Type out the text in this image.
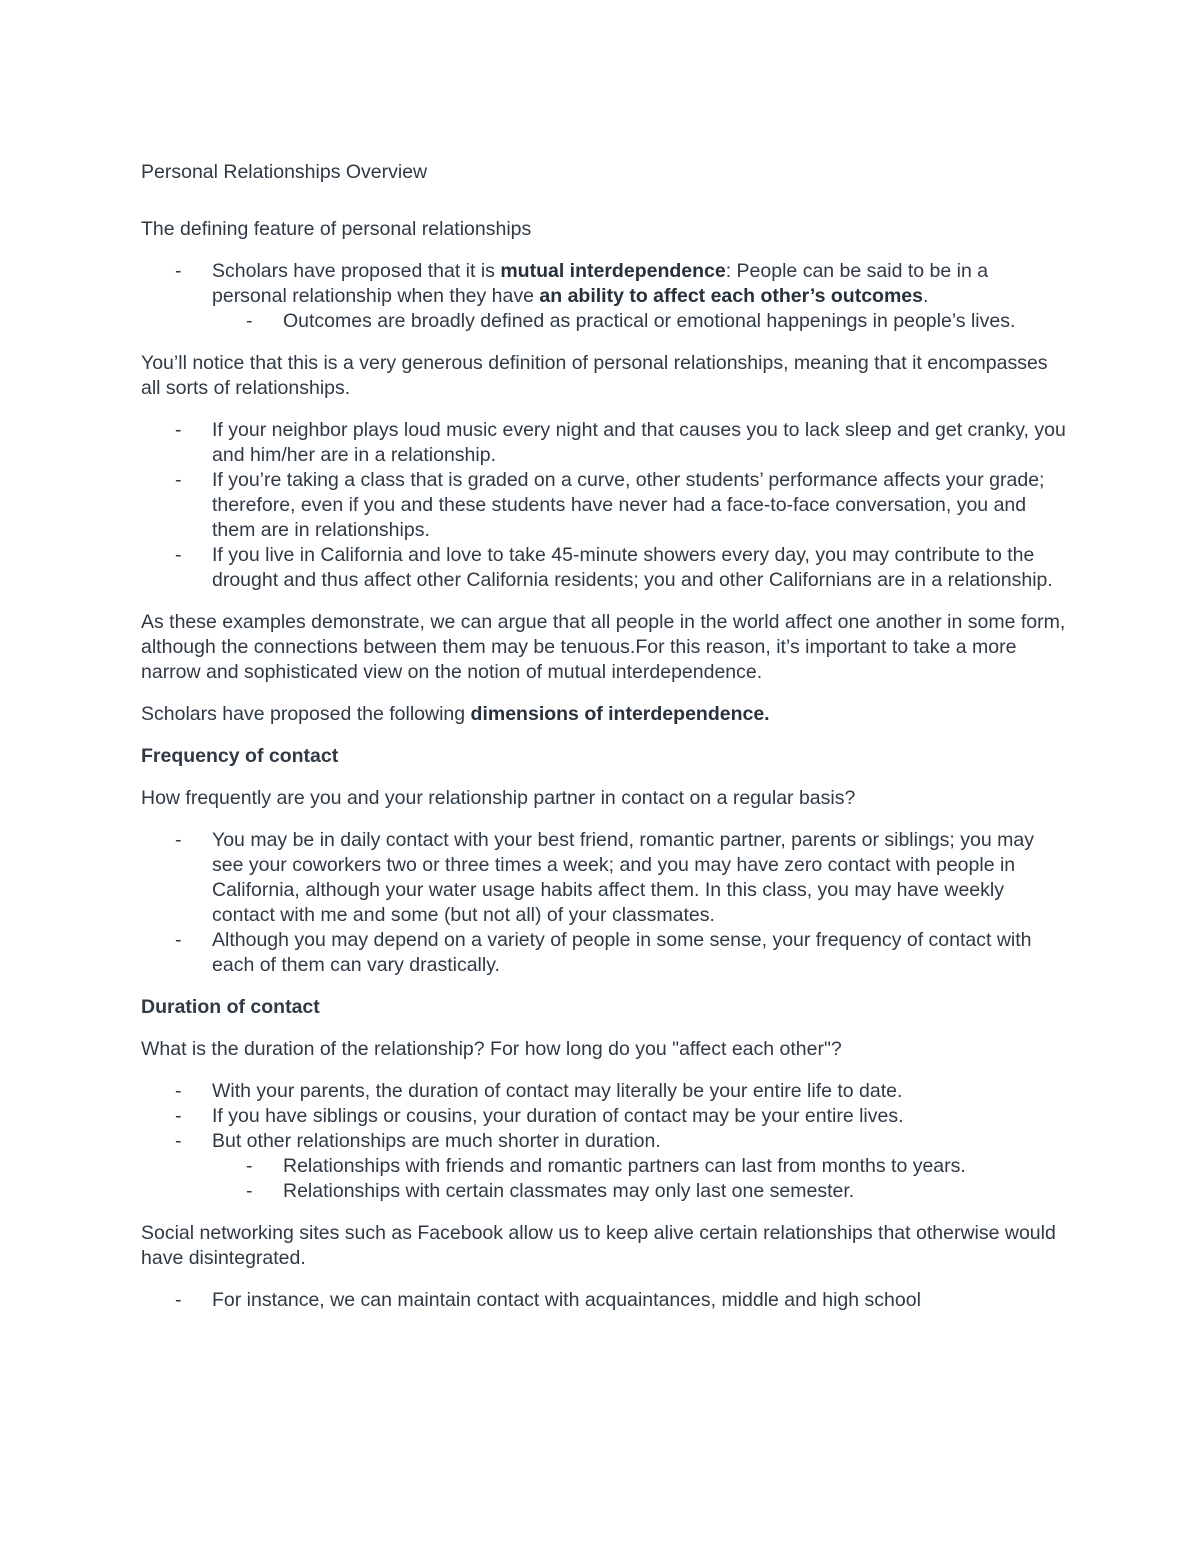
Personal Relationships Overview

The defining feature of personal relationships

- Scholars have proposed that it is mutual interdependence: People can be said to be in a personal relationship when they have an ability to affect each other’s outcomes.
- Outcomes are broadly defined as practical or emotional happenings in people’s lives.

You’ll notice that this is a very generous definition of personal relationships, meaning that it encompasses all sorts of relationships.

- If your neighbor plays loud music every night and that causes you to lack sleep and get cranky, you and him/her are in a relationship.
- If you’re taking a class that is graded on a curve, other students’ performance affects your grade; therefore, even if you and these students have never had a face-to-face conversation, you and them are in relationships.
- If you live in California and love to take 45-minute showers every day, you may contribute to the drought and thus affect other California residents; you and other Californians are in a relationship.

As these examples demonstrate, we can argue that all people in the world affect one another in some form, although the connections between them may be tenuous.For this reason, it’s important to take a more narrow and sophisticated view on the notion of mutual interdependence.

Scholars have proposed the following dimensions of interdependence.

Frequency of contact

How frequently are you and your relationship partner in contact on a regular basis?

- You may be in daily contact with your best friend, romantic partner, parents or siblings; you may see your coworkers two or three times a week; and you may have zero contact with people in California, although your water usage habits affect them. In this class, you may have weekly contact with me and some (but not all) of your classmates.
- Although you may depend on a variety of people in some sense, your frequency of contact with each of them can vary drastically.

Duration of contact

What is the duration of the relationship? For how long do you "affect each other"?

- With your parents, the duration of contact may literally be your entire life to date.
- If you have siblings or cousins, your duration of contact may be your entire lives.
- But other relationships are much shorter in duration.
- Relationships with friends and romantic partners can last from months to years.
- Relationships with certain classmates may only last one semester.

Social networking sites such as Facebook allow us to keep alive certain relationships that otherwise would have disintegrated.

- For instance, we can maintain contact with acquaintances, middle and high school
